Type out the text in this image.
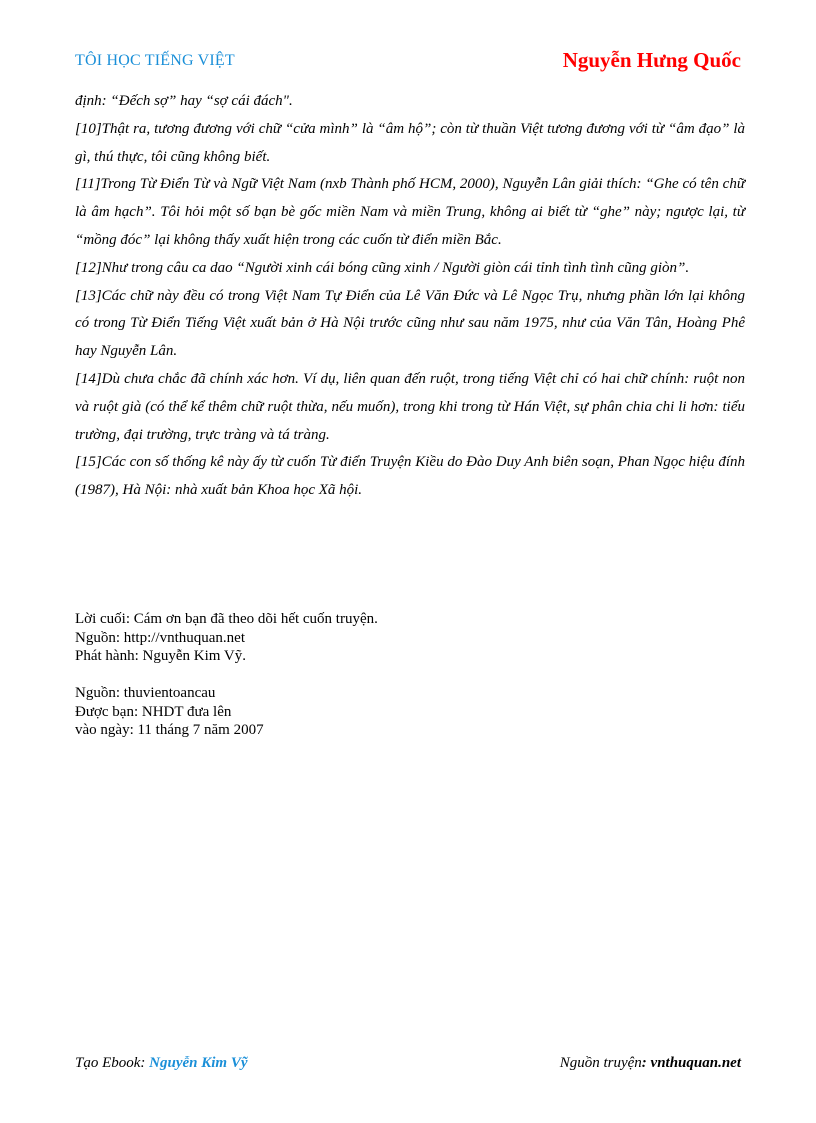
TÔI HỌC TIẾNG VIỆT	Nguyễn Hưng Quốc

định: “Đếch sợ” hay “sợ cái đách".

[10]Thật ra, tương đương với chữ “cửa mình” là “âm hộ”; còn từ thuần Việt tương đương với từ “âm đạo” là gì, thú thực, tôi cũng không biết.

[11]Trong Từ Điển Từ và Ngữ Việt Nam (nxb Thành phố HCM, 2000), Nguyễn Lân giải thích: “Ghe có tên chữ là âm hạch”. Tôi hỏi một số bạn bè gốc miền Nam và miền Trung, không ai biết từ “ghe” này; ngược lại, từ “mồng đóc” lại không thấy xuất hiện trong các cuốn từ điển miền Bắc.

[12]Như trong câu ca dao “Người xinh cái bóng cũng xinh / Người giòn cái tỉnh tình tình cũng giòn”.

[13]Các chữ này đều có trong Việt Nam Tự Điển của Lê Văn Đức và Lê Ngọc Trụ, nhưng phần lớn lại không có trong Từ Điển Tiếng Việt xuất bản ở Hà Nội trước cũng như sau năm 1975, như của Văn Tân, Hoàng Phê hay Nguyễn Lân.

[14]Dù chưa chắc đã chính xác hơn. Ví dụ, liên quan đến ruột, trong tiếng Việt chỉ có hai chữ chính: ruột non và ruột già (có thể kể thêm chữ ruột thừa, nếu muốn), trong khi trong từ Hán Việt, sự phân chia chi li hơn: tiểu trường, đại trường, trực tràng và tá tràng.

[15]Các con số thống kê này ấy từ cuốn Từ điển Truyện Kiều do Đào Duy Anh biên soạn, Phan Ngọc hiệu đính (1987), Hà Nội: nhà xuất bản Khoa học Xã hội.

Lời cuối: Cám ơn bạn đã theo dõi hết cuốn truyện.
Nguồn: http://vnthuquan.net
Phát hành: Nguyễn Kim Vỹ.
Nguồn: thuvientoancau
Được bạn: NHDT đưa lên
vào ngày: 11 tháng 7 năm 2007
Tạo Ebook: Nguyễn Kim Vỹ	Nguồn truyện: vnthuquan.net
